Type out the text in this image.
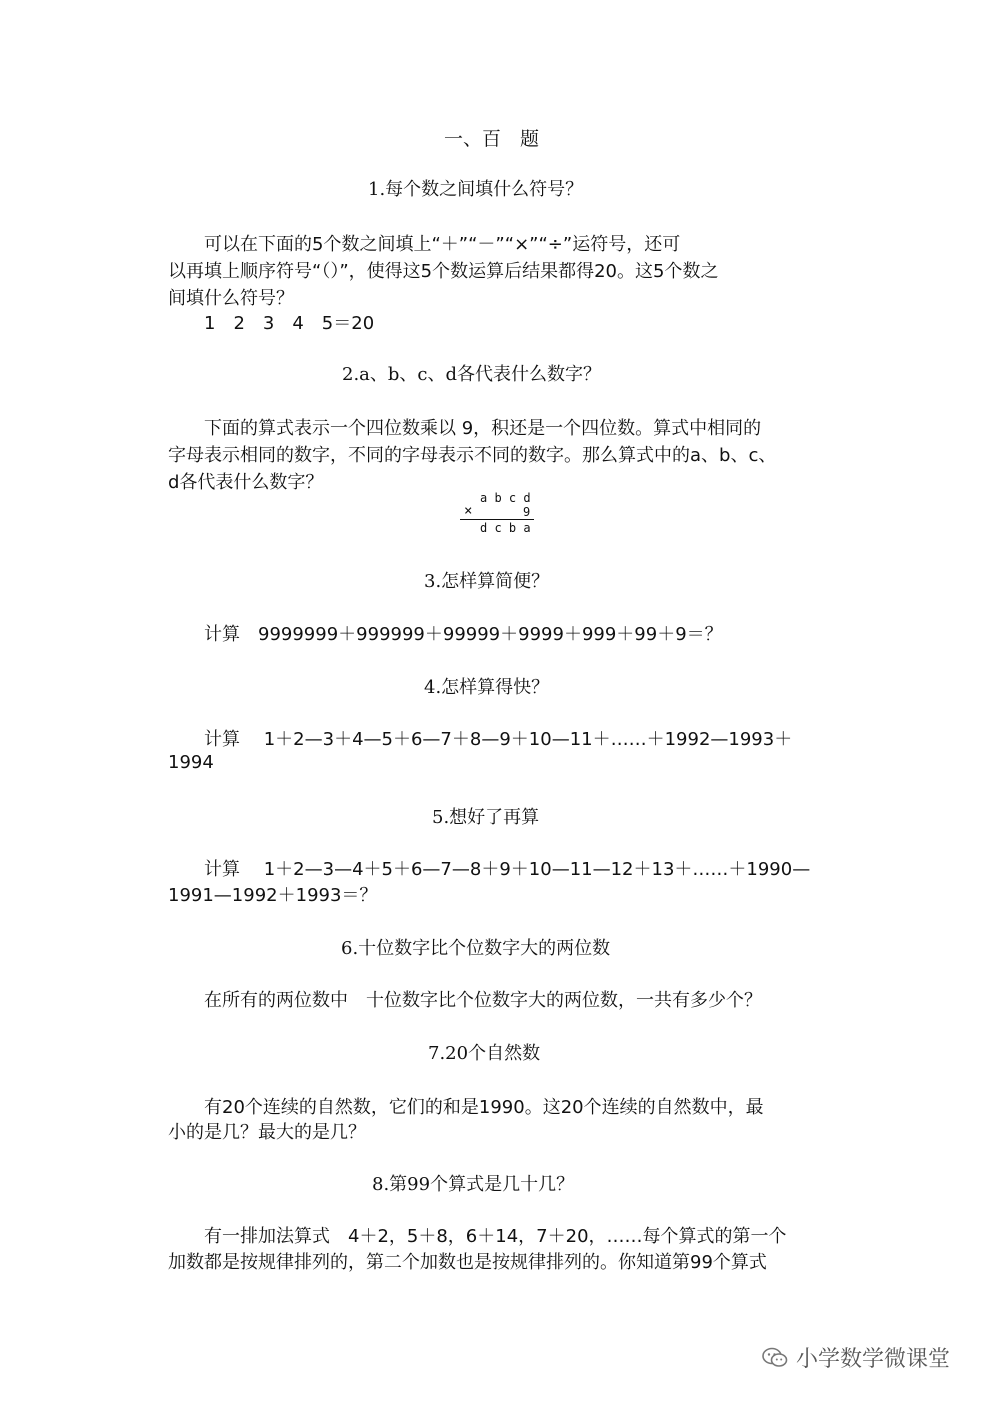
一、百　题
1.每个数之间填什么符号？
　　可以在下面的5个数之间填上“＋”“－”“×”“÷”运符号，还可
以再填上顺序符号“（）”，使得这5个数运算后结果都得20。这5个数之
间填什么符号？
　　1　2　3　4　5＝20
2.a、b、c、d各代表什么数字？
　　下面的算式表示一个四位数乘以 9，积还是一个四位数。算式中相同的
字母表示相同的数字，不同的字母表示不同的数字。那么算式中的a、b、c、
d各代表什么数字？
a b c d
×	9
d c b a
3.怎样算简便？
　　计算　9999999＋999999＋99999＋9999＋999＋99＋9＝？
4.怎样算得快？
　　计算　 1＋2—3＋4—5＋6—7＋8—9＋10—11＋……＋1992—1993＋
1994
5.想好了再算
　　计算　 1＋2—3—4＋5＋6—7—8＋9＋10—11—12＋13＋……＋1990—
1991—1992＋1993＝？
6.十位数字比个位数字大的两位数
　　在所有的两位数中　十位数字比个位数字大的两位数，一共有多少个？
7.20个自然数
　　有20个连续的自然数，它们的和是1990。这20个连续的自然数中，最
小的是几？最大的是几？
8.第99个算式是几十几？
　　有一排加法算式　4＋2，5＋8，6＋14，7＋20，……每个算式的第一个
加数都是按规律排列的，第二个加数也是按规律排列的。你知道第99个算式
小学数学微课堂
